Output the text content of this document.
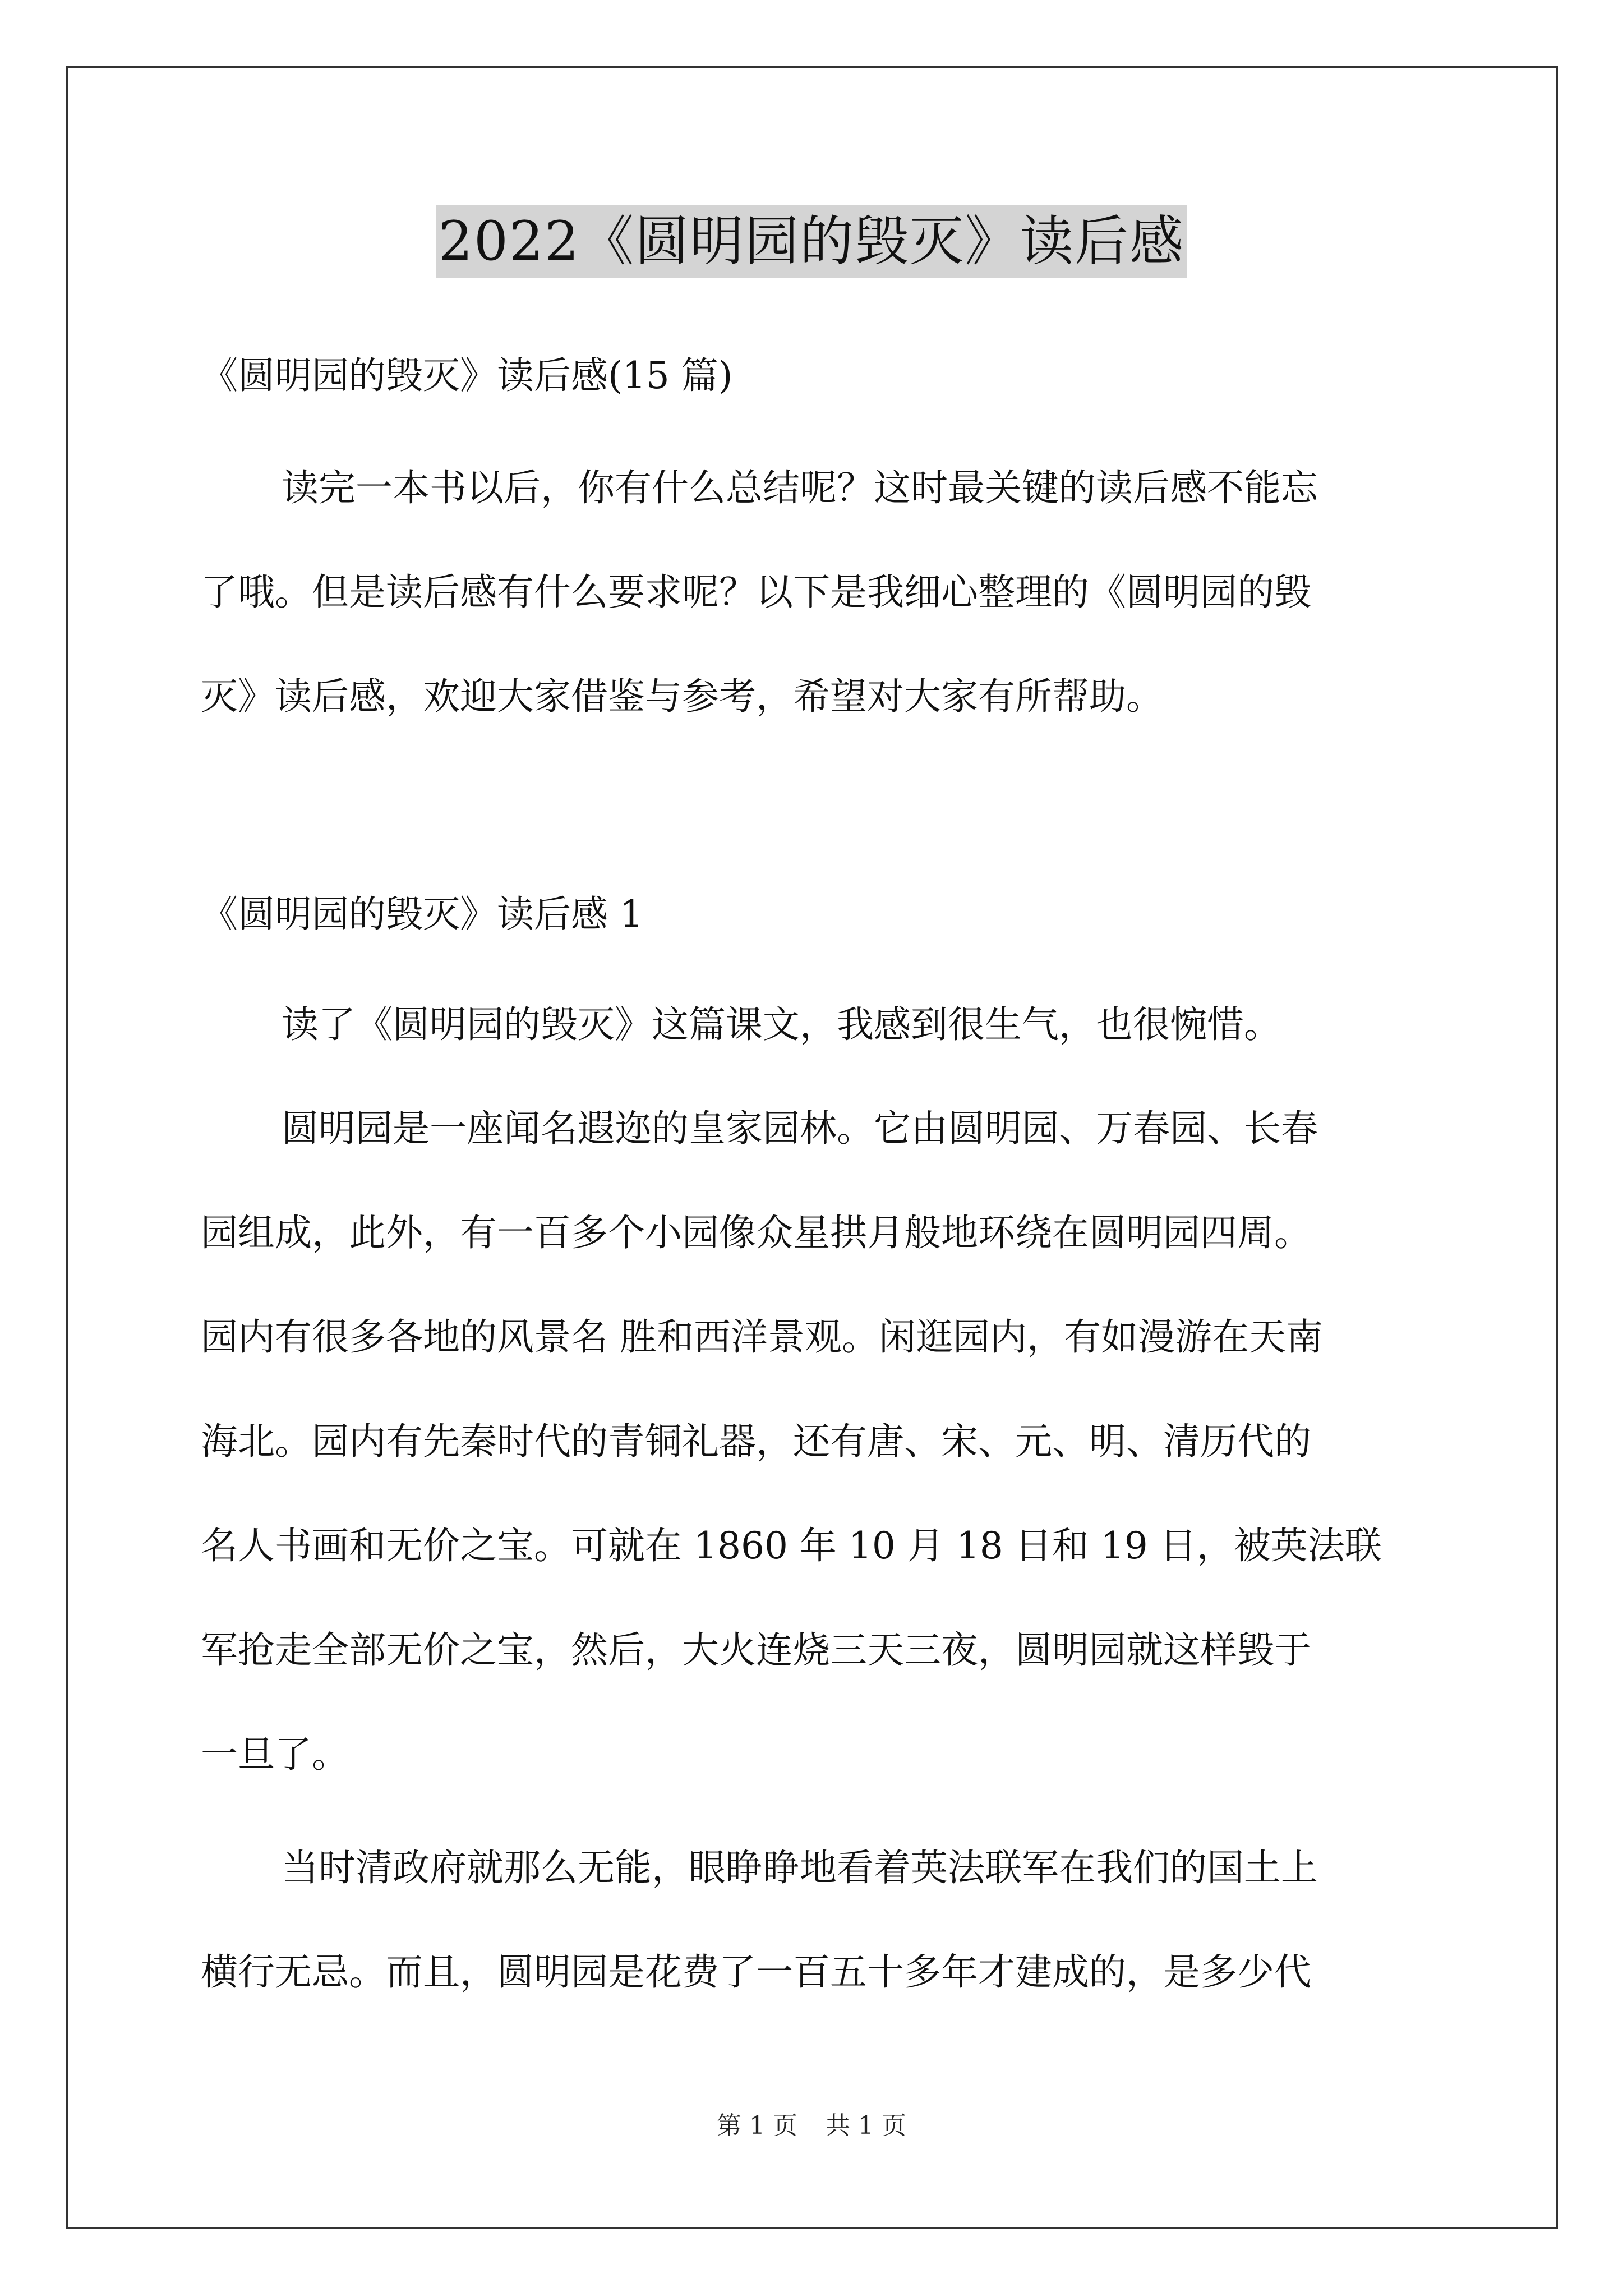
2022《圆明园的毁灭》读后感
《圆明园的毁灭》读后感(15 篇)
读完一本书以后，你有什么总结呢？这时最关键的读后感不能忘
了哦。但是读后感有什么要求呢？以下是我细心整理的《圆明园的毁
灭》读后感，欢迎大家借鉴与参考，希望对大家有所帮助。
《圆明园的毁灭》读后感 1
读了《圆明园的毁灭》这篇课文，我感到很生气，也很惋惜。
圆明园是一座闻名遐迩的皇家园林。它由圆明园、万春园、长春
园组成，此外，有一百多个小园像众星拱月般地环绕在圆明园四周。
园内有很多各地的风景名 胜和西洋景观。闲逛园内，有如漫游在天南
海北。园内有先秦时代的青铜礼器，还有唐、宋、元、明、清历代的
名人书画和无价之宝。可就在 1860 年 10 月 18 日和 19 日，被英法联
军抢走全部无价之宝，然后，大火连烧三天三夜，圆明园就这样毁于
一旦了。
当时清政府就那么无能，眼睁睁地看着英法联军在我们的国土上
横行无忌。而且，圆明园是花费了一百五十多年才建成的，是多少代
第 1 页 共 1 页
